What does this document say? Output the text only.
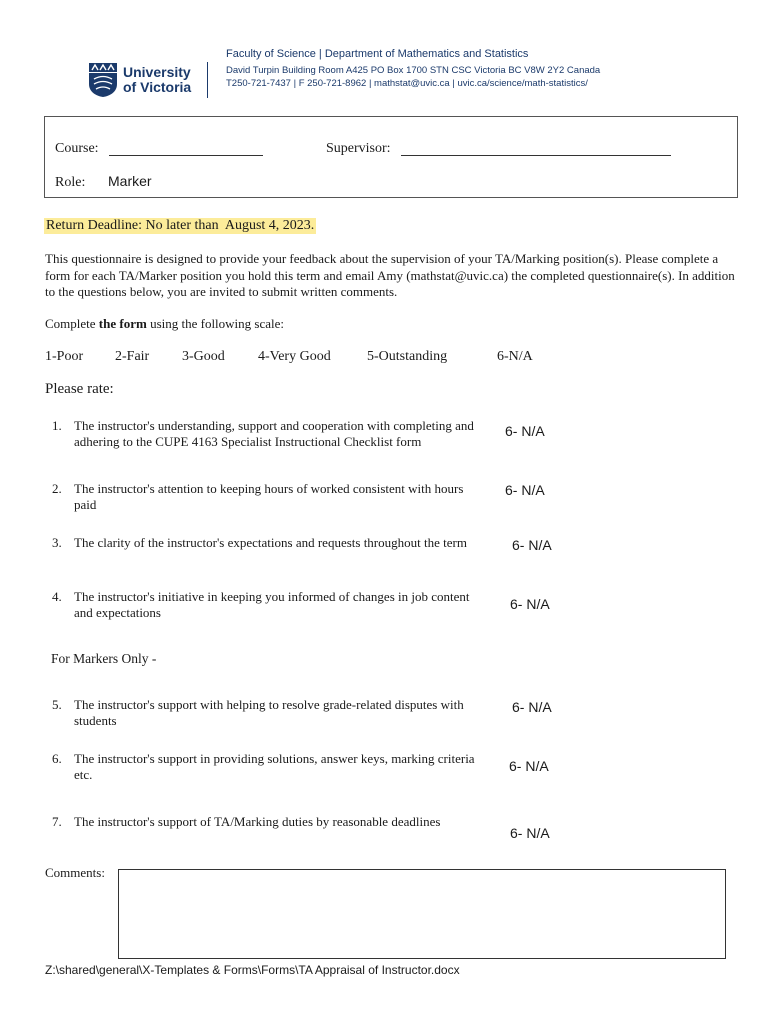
University
of Victoria
Faculty of Science | Department of Mathematics and Statistics
David Turpin Building Room A425 PO Box 1700 STN CSC Victoria BC V8W 2Y2 Canada
T250-721-7437 | F 250-721-8962 | mathstat@uvic.ca | uvic.ca/science/math-statistics/
Course:	Supervisor:
Role: Marker
Return Deadline: No later than  August 4, 2023.
This questionnaire is designed to provide your feedback about the supervision of your TA/Marking position(s). Please complete a form for each TA/Marker position you hold this term and email Amy (mathstat@uvic.ca) the completed questionnaire(s). In addition to the questions below, you are invited to submit written comments.
Complete the form using the following scale:
1-Poor 2-Fair 3-Good 4-Very Good	5-Outstanding	6-N/A
Please rate:
1. The instructor's understanding, support and cooperation with completing and adhering to the CUPE 4163 Specialist Instructional Checklist form
6- N/A
2. The instructor's attention to keeping hours of worked consistent with hours paid
6- N/A
3. The clarity of the instructor's expectations and requests throughout the term	6- N/A
4. The instructor's initiative in keeping you informed of changes in job content and expectations
6- N/A
For Markers Only -
5. The instructor's support with helping to resolve grade-related disputes with students
6- N/A
6. The instructor's support in providing solutions, answer keys, marking criteria etc.
6- N/A
7. The instructor's support of TA/Marking duties by reasonable deadlines
6- N/A
Comments:
Z:\shared\general\X-Templates & Forms\Forms\TA Appraisal of Instructor.docx
